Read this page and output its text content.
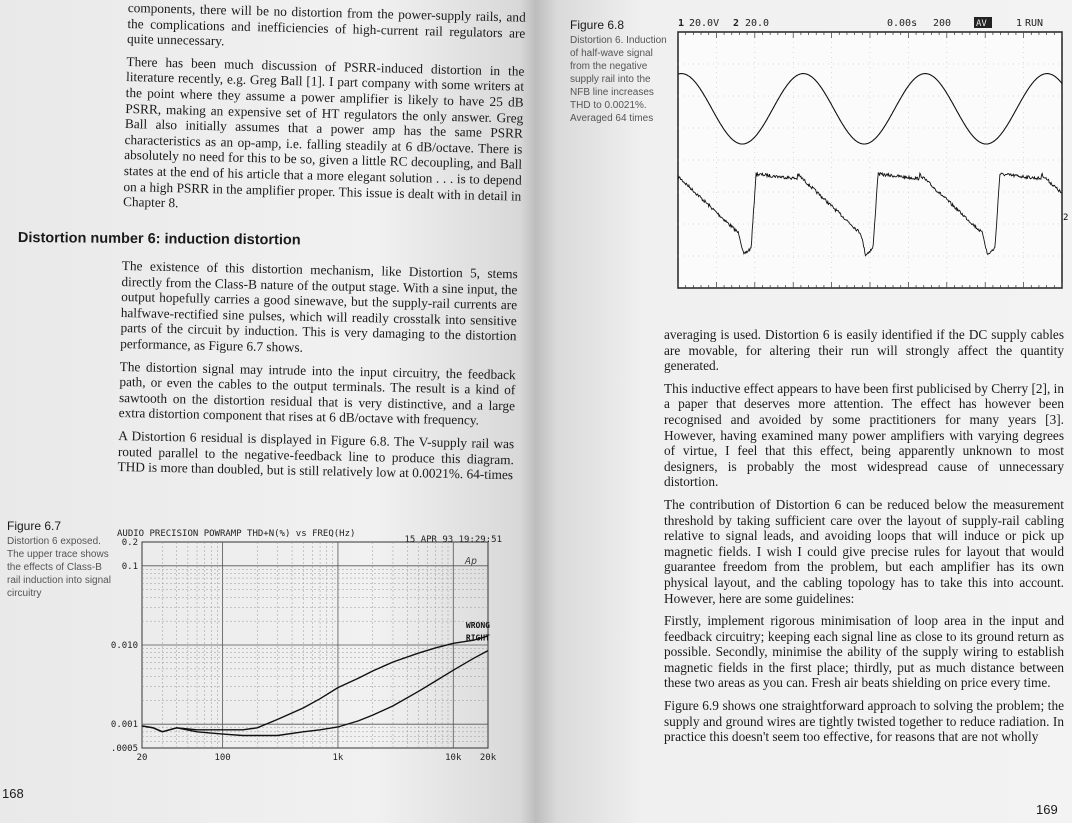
components, there will be no distortion from the power-supply rails, and the complications and inefficiencies of high-current rail regulators are quite unnecessary.

There has been much discussion of PSRR-induced distortion in the literature recently, e.g. Greg Ball [1]. I part company with some writers at the point where they assume a power amplifier is likely to have 25 dB PSRR, making an expensive set of HT regulators the only answer. Greg Ball also initially assumes that a power amp has the same PSRR characteristics as an op-amp, i.e. falling steadily at 6 dB/octave. There is absolutely no need for this to be so, given a little RC decoupling, and Ball states at the end of his article that a more elegant solution . . . is to depend on a high PSRR in the amplifier proper. This issue is dealt with in detail in Chapter 8.

Distortion number 6: induction distortion

The existence of this distortion mechanism, like Distortion 5, stems directly from the Class-B nature of the output stage. With a sine input, the output hopefully carries a good sinewave, but the supply-rail currents are halfwave-rectified sine pulses, which will readily crosstalk into sensitive parts of the circuit by induction. This is very damaging to the distortion performance, as Figure 6.7 shows.

The distortion signal may intrude into the input circuitry, the feedback path, or even the cables to the output terminals. The result is a kind of sawtooth on the distortion residual that is very distinctive, and a large extra distortion component that rises at 6 dB/octave with frequency.

A Distortion 6 residual is displayed in Figure 6.8. The V-supply rail was routed parallel to the negative-feedback line to produce this diagram. THD is more than doubled, but is still relatively low at 0.0021%. 64-times

Figure 6.7
Distortion 6 exposed. The upper trace shows the effects of Class-B rail induction into signal circuitry
AUDIO PRECISION POWRAMP THD+N(%) vs FREQ(Hz)
15 APR 93 19:29:51
Ap
0.2
0.1
0.010
0.001
.0005
20	100	1k	10k 20k
WRONG
RIGHT
168
Figure 6.8
Distortion 6. Induction of half-wave signal from the negative supply rail into the NFB line increases THD to 0.0021%. Averaged 64 times
1 20.0V 2 20.0	0.00s 200	AV	1 RUN
2

averaging is used. Distortion 6 is easily identified if the DC supply cables are movable, for altering their run will strongly affect the quantity generated.

This inductive effect appears to have been first publicised by Cherry [2], in a paper that deserves more attention. The effect has however been recognised and avoided by some practitioners for many years [3]. However, having examined many power amplifiers with varying degrees of virtue, I feel that this effect, being apparently unknown to most designers, is probably the most widespread cause of unnecessary distortion.

The contribution of Distortion 6 can be reduced below the measurement threshold by taking sufficient care over the layout of supply-rail cabling relative to signal leads, and avoiding loops that will induce or pick up magnetic fields. I wish I could give precise rules for layout that would guarantee freedom from the problem, but each amplifier has its own physical layout, and the cabling topology has to take this into account. However, here are some guidelines:

Firstly, implement rigorous minimisation of loop area in the input and feedback circuitry; keeping each signal line as close to its ground return as possible. Secondly, minimise the ability of the supply wiring to establish magnetic fields in the first place; thirdly, put as much distance between these two areas as you can. Fresh air beats shielding on price every time.

Figure 6.9 shows one straightforward approach to solving the problem; the supply and ground wires are tightly twisted together to reduce radiation. In practice this doesn't seem too effective, for reasons that are not wholly

169
